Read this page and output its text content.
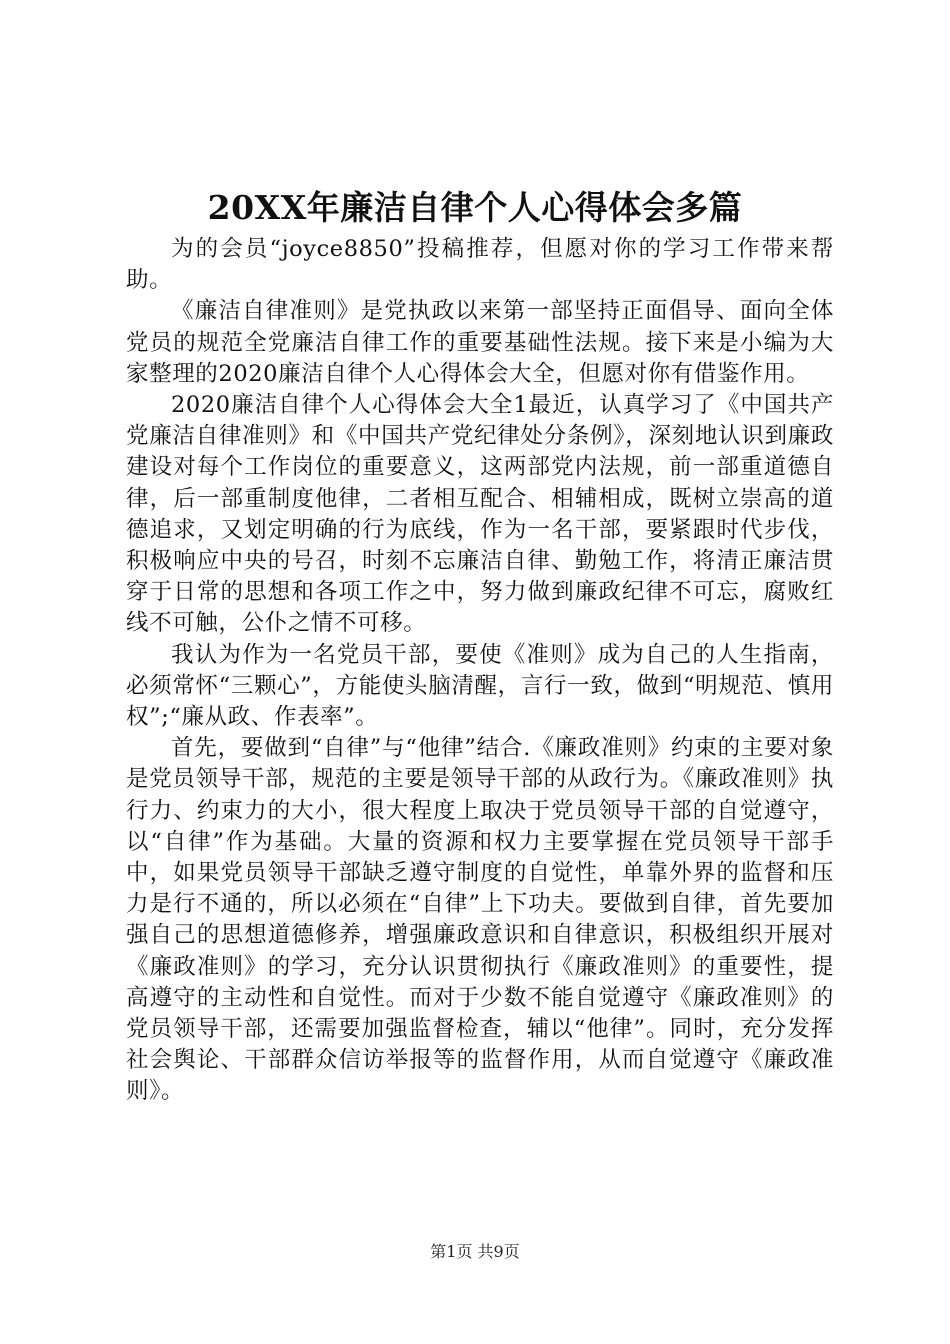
20XX年廉洁自律个人心得体会多篇

为的会员“joyce8850”投稿推荐，但愿对你的学习工作带来帮助。

《廉洁自律准则》是党执政以来第一部坚持正面倡导、面向全体党员的规范全党廉洁自律工作的重要基础性法规。接下来是小编为大家整理的2020廉洁自律个人心得体会大全，但愿对你有借鉴作用。

2020廉洁自律个人心得体会大全1最近，认真学习了《中国共产党廉洁自律准则》和《中国共产党纪律处分条例》，深刻地认识到廉政建设对每个工作岗位的重要意义，这两部党内法规，前一部重道德自律，后一部重制度他律，二者相互配合、相辅相成，既树立崇高的道德追求，又划定明确的行为底线，作为一名干部，要紧跟时代步伐，积极响应中央的号召，时刻不忘廉洁自律、勤勉工作，将清正廉洁贯穿于日常的思想和各项工作之中，努力做到廉政纪律不可忘，腐败红线不可触，公仆之情不可移。

我认为作为一名党员干部，要使《准则》成为自己的人生指南，必须常怀“三颗心”，方能使头脑清醒，言行一致，做到“明规范、慎用权”;“廉从政、作表率”。

首先，要做到“自律”与“他律”结合.《廉政准则》约束的主要对象是党员领导干部，规范的主要是领导干部的从政行为。《廉政准则》执行力、约束力的大小，很大程度上取决于党员领导干部的自觉遵守，以“自律”作为基础。大量的资源和权力主要掌握在党员领导干部手中，如果党员领导干部缺乏遵守制度的自觉性，单靠外界的监督和压力是行不通的，所以必须在“自律”上下功夫。要做到自律，首先要加强自己的思想道德修养，增强廉政意识和自律意识，积极组织开展对《廉政准则》的学习，充分认识贯彻执行《廉政准则》的重要性，提高遵守的主动性和自觉性。而对于少数不能自觉遵守《廉政准则》的党员领导干部，还需要加强监督检查，辅以“他律”。同时，充分发挥社会舆论、干部群众信访举报等的监督作用，从而自觉遵守《廉政准则》。

第1页 共9页
